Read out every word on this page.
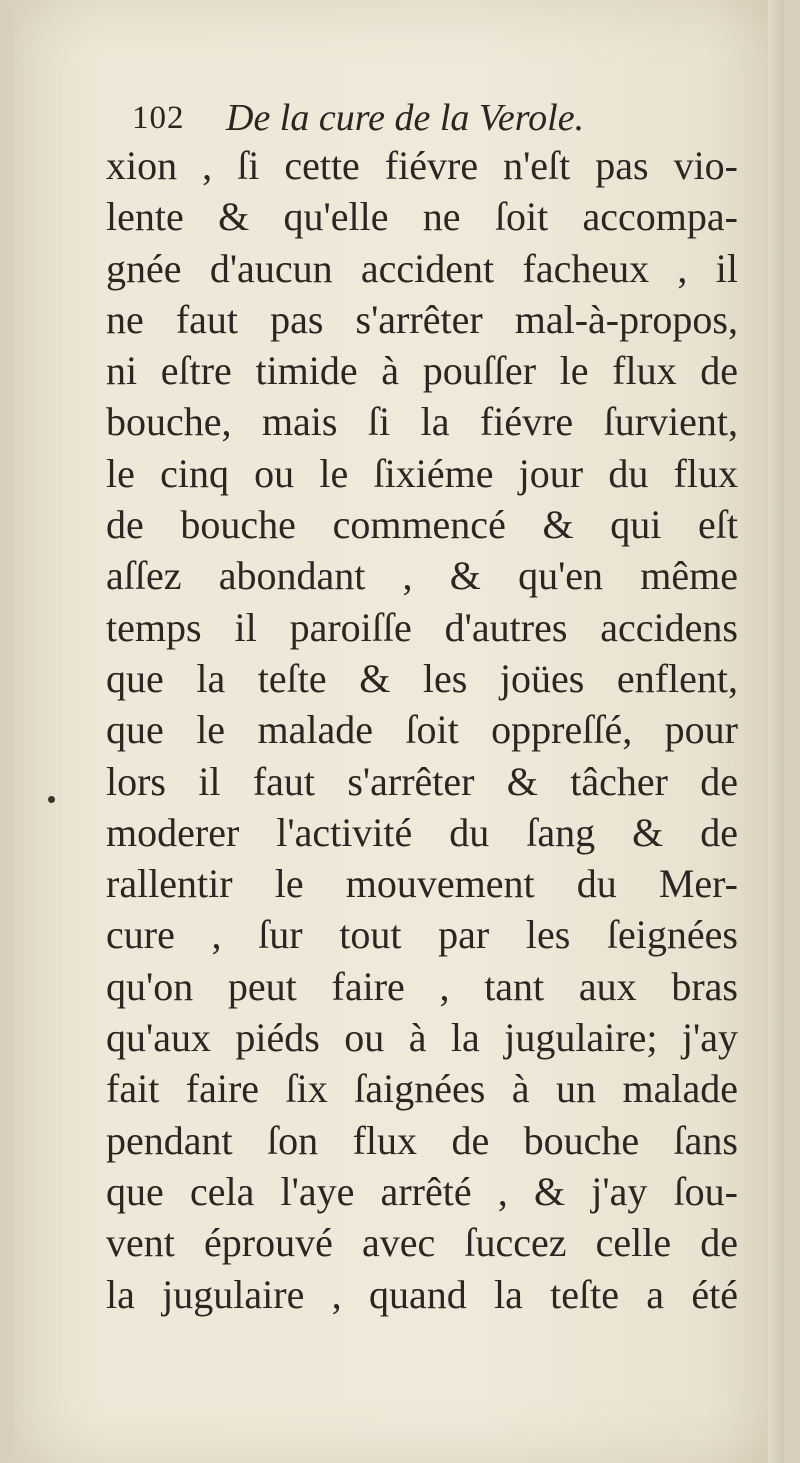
102 De la cure de la Verole.
xion , ſi cette fiévre n'eſt pas vio-
lente & qu'elle ne ſoit accompa-
gnée d'aucun accident facheux , il
ne faut pas s'arrêter mal-à-propos,
ni eſtre timide à pouſſer le flux de
bouche, mais ſi la fiévre ſurvient,
le cinq ou le ſixiéme jour du flux
de bouche commencé & qui eſt
aſſez abondant , & qu'en même
temps il paroiſſe d'autres accidens
que la teſte & les joües enflent,
que le malade ſoit oppreſſé, pour
lors il faut s'arrêter & tâcher de
moderer l'activité du ſang & de
rallentir le mouvement du Mer-
cure , ſur tout par les ſeignées
qu'on peut faire , tant aux bras
qu'aux piéds ou à la jugulaire; j'ay
fait faire ſix ſaignées à un malade
pendant ſon flux de bouche ſans
que cela l'aye arrêté , & j'ay ſou-
vent éprouvé avec ſuccez celle de
la jugulaire , quand la teſte a été
